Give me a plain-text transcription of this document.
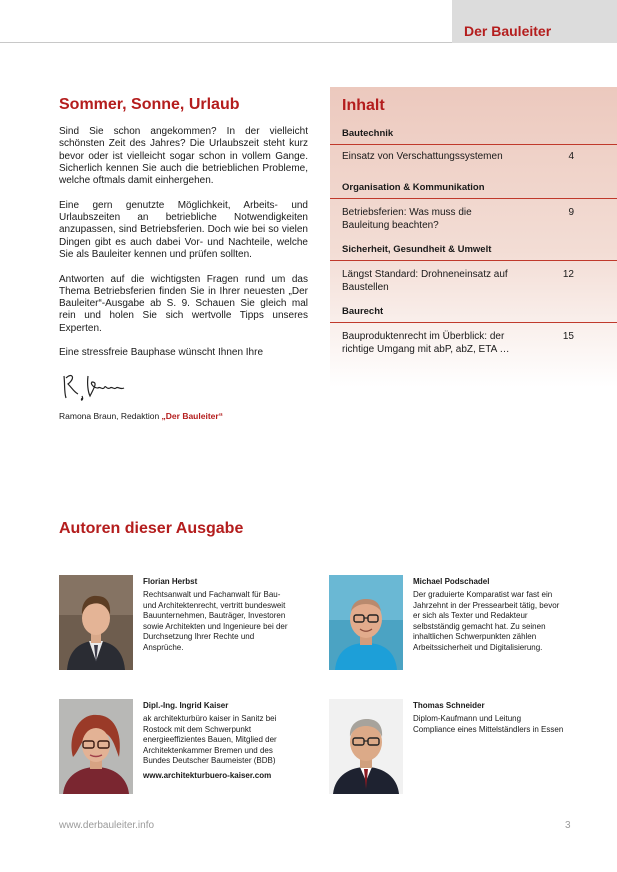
Der Bauleiter
Sommer, Sonne, Urlaub

Sind Sie schon angekommen? In der vielleicht schönsten Zeit des Jahres? Die Urlaubszeit steht kurz bevor oder ist vielleicht sogar schon in vollem Gange. Sicherlich kennen Sie auch die betrieblichen Probleme, welche oftmals damit einhergehen.

Eine gern genutzte Möglichkeit, Arbeits- und Urlaubszeiten an betriebliche Notwendigkeiten anzupassen, sind Betriebsferien. Doch wie bei so vielen Dingen gibt es auch dabei Vor- und Nachteile, welche Sie als Bauleiter kennen und prüfen sollten.

Antworten auf die wichtigsten Fragen rund um das Thema Betriebsferien finden Sie in Ihrer neuesten „Der Bauleiter“-Ausgabe ab S. 9. Schauen Sie gleich mal rein und holen Sie sich wertvolle Tipps unseres Experten.

Eine stressfreie Bauphase wünscht Ihnen Ihre

Ramona Braun, Redaktion „Der Bauleiter“
Inhalt
Bautechnik
Einsatz von Verschattungssystemen	4
Organisation & Kommunikation
Betriebsferien: Was muss die Bauleitung beachten?
9
Sicherheit, Gesundheit & Umwelt
Längst Standard: Drohneneinsatz auf Baustellen
12
Baurecht
Bauproduktenrecht im Überblick: der richtige Umgang mit abP, abZ, ETA …
15
Autoren dieser Ausgabe
Florian Herbst
Rechtsanwalt und Fachanwalt für Bau- und Architektenrecht, vertritt bundesweit Bauunternehmen, Bauträger, Investoren sowie Architekten und Ingenieure bei der Durchsetzung Ihrer Rechte und Ansprüche.
Michael Podschadel
Der graduierte Komparatist war fast ein Jahrzehnt in der Pressearbeit tätig, bevor er sich als Texter und Redakteur selbstständig gemacht hat. Zu seinen inhaltlichen Schwerpunkten zählen Arbeitssicherheit und Digitalisierung.
Dipl.-Ing. Ingrid Kaiser
ak architekturbüro kaiser in Sanitz bei Rostock mit dem Schwerpunkt energieeffizientes Bauen, Mitglied der Architektenkammer Bremen und des Bundes Deutscher Baumeister (BDB)
www.architekturbuero-kaiser.com
Thomas Schneider
Diplom-Kaufmann und Leitung Compliance eines Mittelständlers in Essen
www.derbauleiter.info	3
